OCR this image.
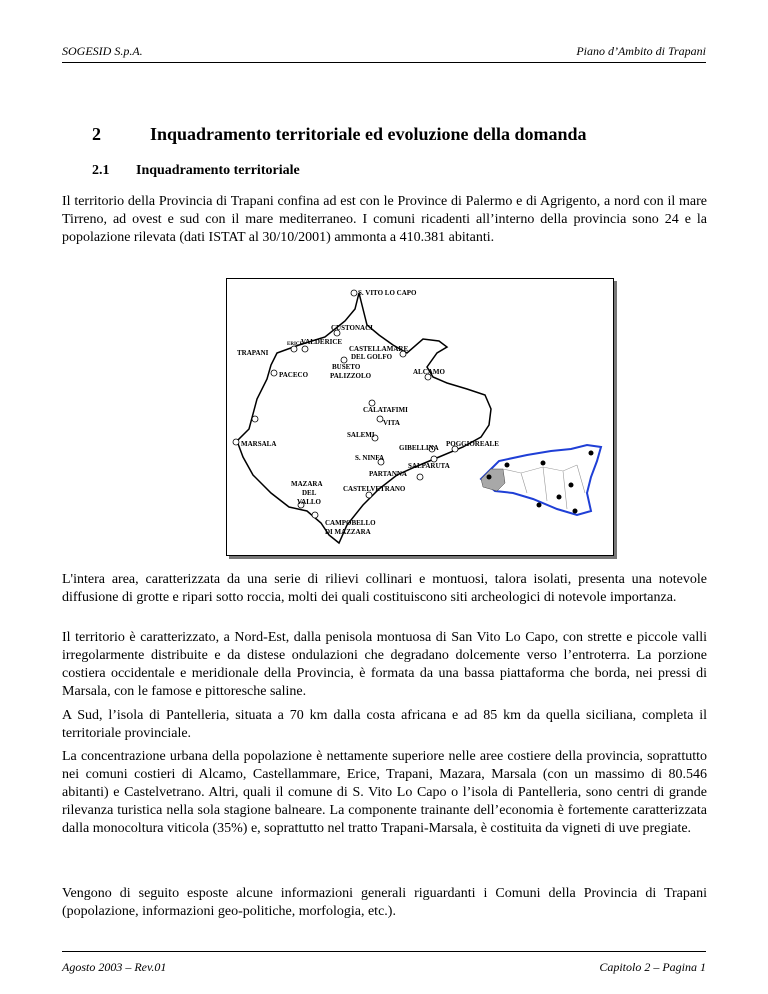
SOGESID S.p.A.	Piano d’Ambito di Trapani
2	Inquadramento territoriale ed evoluzione della domanda
2.1 Inquadramento territoriale

Il territorio della Provincia di Trapani confina ad est con le Province di Palermo e di Agrigento, a nord con il mare Tirreno, ad ovest e sud con il mare mediterraneo. I comuni ricadenti all’interno della provincia sono 24 e la popolazione rilevata (dati ISTAT al 30/10/2001) ammonta a 410.381 abitanti.

S. VITO LO CAPO
CUSTONACI
ERICE
VALDERICE
CASTELLAMARE
DEL GOLFO
TRAPANI
BUSETO
PALIZZOLO
PACECO	ALCAMO
CALATAFIMI
VITA
SALEMI
MARSALA	GIBELLINA POGGIOREALE
S. NINFA
SALPARUTA
PARTANNA
MAZARA
DEL
VALLO
CASTELVETRANO
CAMPOBELLO
DI MAZZARA

L'intera area, caratterizzata da una serie di rilievi collinari e montuosi, talora isolati, presenta una notevole diffusione di grotte e ripari sotto roccia, molti dei quali costituiscono siti archeologici di notevole importanza.

Il territorio è caratterizzato, a Nord-Est, dalla penisola montuosa di San Vito Lo Capo, con strette e piccole valli irregolarmente distribuite e da distese ondulazioni che degradano dolcemente verso l’entroterra. La porzione costiera occidentale e meridionale della Provincia, è formata da una bassa piattaforma che borda, nei pressi di Marsala, con le famose e pittoresche saline.

A Sud, l’isola di Pantelleria, situata a 70 km dalla costa africana e ad 85 km da quella siciliana, completa il territoriale provinciale.

La concentrazione urbana della popolazione è nettamente superiore nelle aree costiere della provincia, soprattutto nei comuni costieri di Alcamo, Castellammare, Erice, Trapani, Mazara, Marsala (con un massimo di 80.546 abitanti) e Castelvetrano. Altri, quali il comune di S. Vito Lo Capo o l’isola di Pantelleria, sono centri di grande rilevanza turistica nella sola stagione balneare. La componente trainante dell’economia è fortemente caratterizzata dalla monocoltura viticola (35%) e, soprattutto nel tratto Trapani-Marsala, è costituita da vigneti di uve pregiate.

Vengono di seguito esposte alcune informazioni generali riguardanti i Comuni della Provincia di Trapani (popolazione, informazioni geo-politiche, morfologia, etc.).

Agosto 2003 – Rev.01	Capitolo 2 – Pagina 1
